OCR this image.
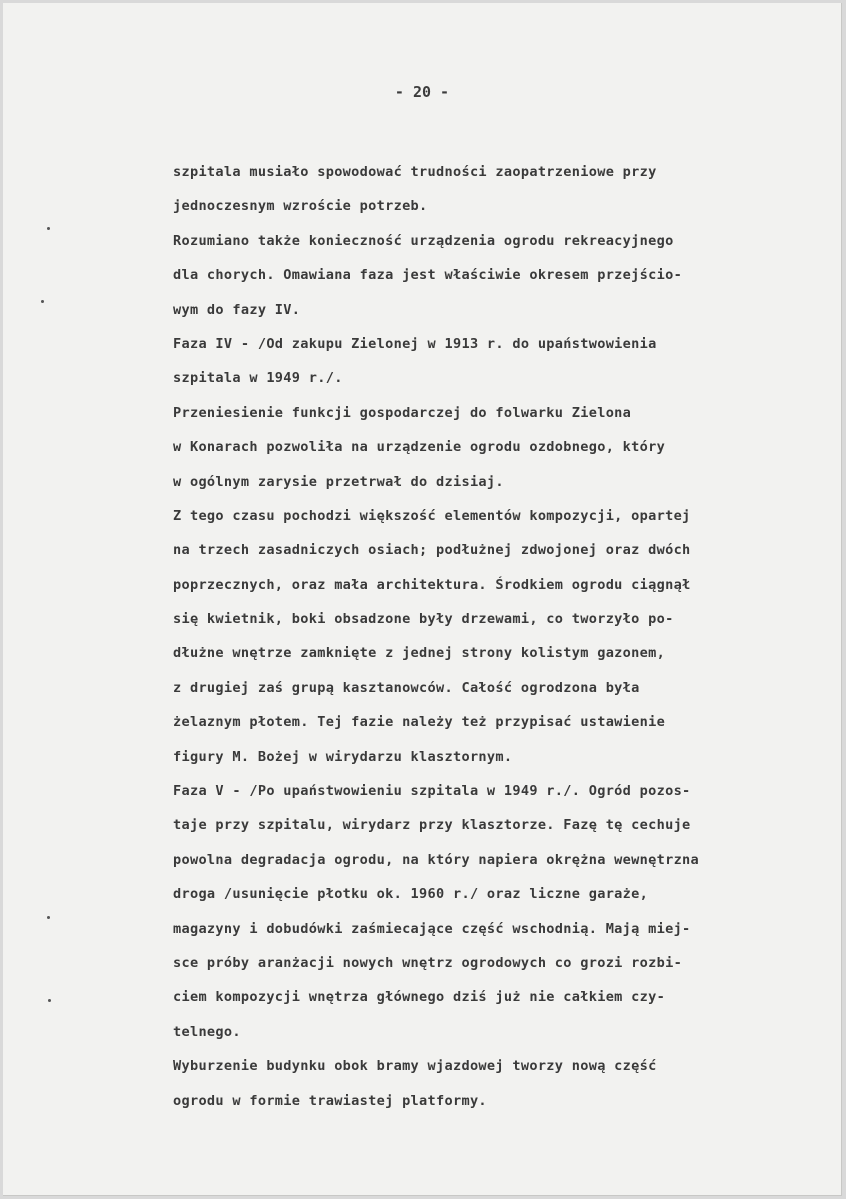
- 20 -
szpitala musiało spowodować trudności zaopatrzeniowe przy
jednoczesnym wzroście potrzeb.
Rozumiano także konieczność urządzenia ogrodu rekreacyjnego
dla chorych. Omawiana faza jest właściwie okresem przejścio-
wym do fazy IV.
Faza IV - /Od zakupu Zielonej w 1913 r. do upaństwowienia
szpitala w 1949 r./.
Przeniesienie funkcji gospodarczej do folwarku Zielona
w Konarach pozwoliła na urządzenie ogrodu ozdobnego, który
w ogólnym zarysie przetrwał do dzisiaj.
Z tego czasu pochodzi większość elementów kompozycji, opartej
na trzech zasadniczych osiach; podłużnej zdwojonej oraz dwóch
poprzecznych, oraz mała architektura. Środkiem ogrodu ciągnął
się kwietnik, boki obsadzone były drzewami, co tworzyło po-
dłużne wnętrze zamknięte z jednej strony kolistym gazonem,
z drugiej zaś grupą kasztanowców. Całość ogrodzona była
żelaznym płotem. Tej fazie należy też przypisać ustawienie
figury M. Bożej w wirydarzu klasztornym.
Faza V - /Po upaństwowieniu szpitala w 1949 r./. Ogród pozos-
taje przy szpitalu, wirydarz przy klasztorze. Fazę tę cechuje
powolna degradacja ogrodu, na który napiera okrężna wewnętrzna
droga /usunięcie płotku ok. 1960 r./ oraz liczne garaże,
magazyny i dobudówki zaśmiecające część wschodnią. Mają miej-
sce próby aranżacji nowych wnętrz ogrodowych co grozi rozbi-
ciem kompozycji wnętrza głównego dziś już nie całkiem czy-
telnego.
Wyburzenie budynku obok bramy wjazdowej tworzy nową część
ogrodu w formie trawiastej platformy.
